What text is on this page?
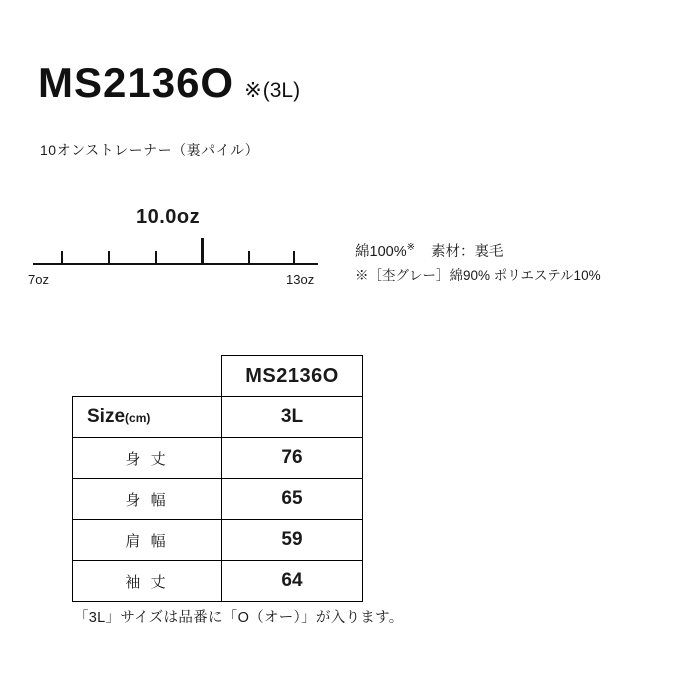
MS2136O ※ (3L)
10オンストレーナー（裏パイル）
10.0oz
7oz	13oz
綿100%※ 素材：裏毛
※［杢グレー］綿90% ポリエステル10%
	MS2136O
Size(cm)	3L
身 丈	76
身 幅	65
肩 幅	59
袖 丈	64
「3L」サイズは品番に「O（オー）」が入ります。
